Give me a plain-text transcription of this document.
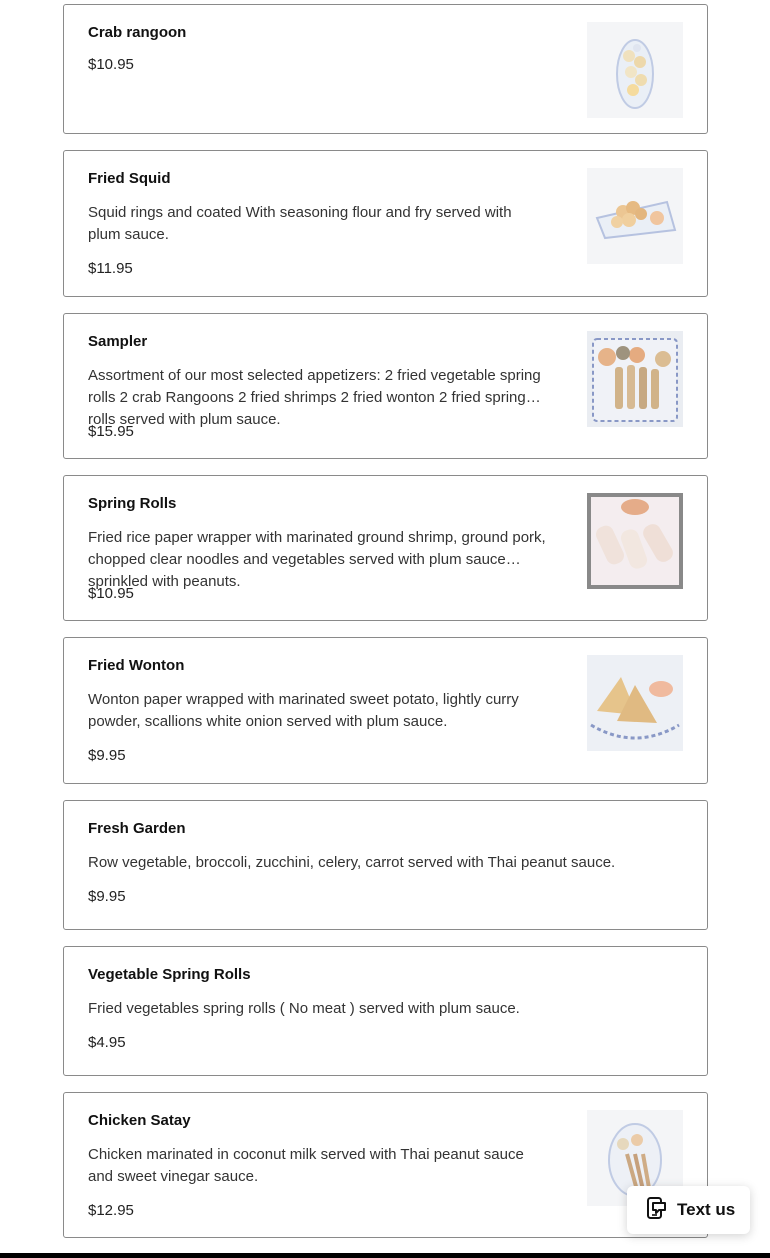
Crab rangoon
$10.95
Fried Squid
Squid rings and coated With seasoning flour and fry served with plum sauce.
$11.95
Sampler
Assortment of our most selected appetizers: 2 fried vegetable spring rolls 2 crab Rangoons 2 fried shrimps 2 fried wonton 2 fried spring rolls served with plum sauce.
$15.95
Spring Rolls
Fried rice paper wrapper with marinated ground shrimp, ground pork, chopped clear noodles and vegetables served with plum sauce sprinkled with peanuts.
$10.95
Fried Wonton
Wonton paper wrapped with marinated sweet potato, lightly curry powder, scallions white onion served with plum sauce.
$9.95
Fresh Garden
Row vegetable, broccoli, zucchini, celery, carrot served with Thai peanut sauce.
$9.95
Vegetable Spring Rolls
Fried vegetables spring rolls ( No meat ) served with plum sauce.
$4.95
Chicken Satay
Chicken marinated in coconut milk served with Thai peanut sauce and sweet vinegar sauce.
$12.95	Text us
